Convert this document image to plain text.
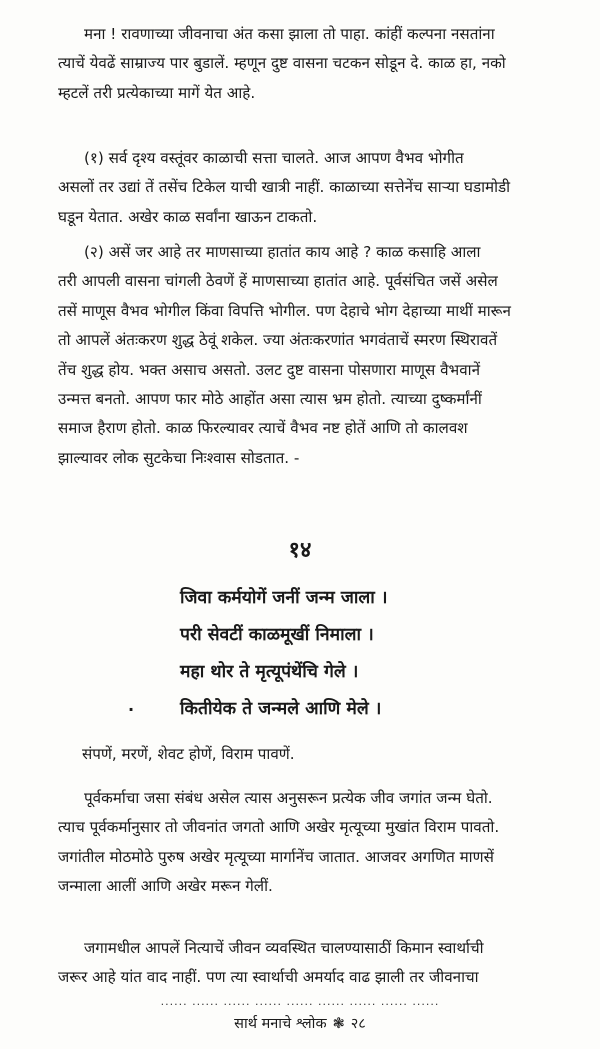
मना ! रावणाच्या जीवनाचा अंत कसा झाला तो पाहा. कांहीं कल्पना नसतांना
त्याचें येवढें साम्राज्य पार बुडालें. म्हणून दुष्ट वासना चटकन सोडून दे. काळ हा, नको
म्हटलें तरी प्रत्येकाच्या मागें येत आहे.

(१) सर्व दृश्य वस्तूंवर काळाची सत्ता चालते. आज आपण वैभव भोगीत
असलों तर उद्यां तें तसेंच टिकेल याची खात्री नाहीं. काळाच्या सत्तेनेंच साऱ्या घडामोडी
घडून येतात. अखेर काळ सर्वांना खाऊन टाकतो.

(२) असें जर आहे तर माणसाच्या हातांत काय आहे ? काळ कसाहि आला
तरी आपली वासना चांगली ठेवणें हें माणसाच्या हातांत आहे. पूर्वसंचित जसें असेल
तसें माणूस वैभव भोगील किंवा विपत्ति भोगील. पण देहाचे भोग देहाच्या माथीं मारून
तो आपलें अंतःकरण शुद्ध ठेवूं शकेल. ज्या अंतःकरणांत भगवंताचें स्मरण स्थिरावतें
तेंच शुद्ध होय. भक्त असाच असतो. उलट दुष्ट वासना पोसणारा माणूस वैभवानें
उन्मत्त बनतो. आपण फार मोठे आहोंत असा त्यास भ्रम होतो. त्याच्या दुष्कर्मांनीं
समाज हैराण होतो. काळ फिरल्यावर त्याचें वैभव नष्ट होतें आणि तो कालवश
झाल्यावर लोक सुटकेचा निःश्वास सोडतात. -

१४
जिवा कर्मयोगें जनीं जन्म जाला ।
परी सेवटीं काळमूखीं निमाला ।
महा थोर ते मृत्यूपंथेंचि गेले ।
कितीयेक ते जन्मले आणि मेले ।
·

संपणें, मरणें, शेवट होणें, विराम पावणें.

पूर्वकर्माचा जसा संबंध असेल त्यास अनुसरून प्रत्येक जीव जगांत जन्म घेतो.
त्याच पूर्वकर्मानुसार तो जीवनांत जगतो आणि अखेर मृत्यूच्या मुखांत विराम पावतो.
जगांतील मोठमोठे पुरुष अखेर मृत्यूच्या मार्गानेंच जातात. आजवर अगणित माणसें
जन्माला आलीं आणि अखेर मरून गेलीं.

जगामधील आपलें नित्याचें जीवन व्यवस्थित चालण्यासाठीं किमान स्वार्थाची
जरूर आहे यांत वाद नाहीं. पण त्या स्वार्थाची अमर्याद वाढ झाली तर जीवनाचा

...... ...... ...... ...... ...... ...... ...... ...... ......

सार्थ मनाचे श्लोक ❃ २८
